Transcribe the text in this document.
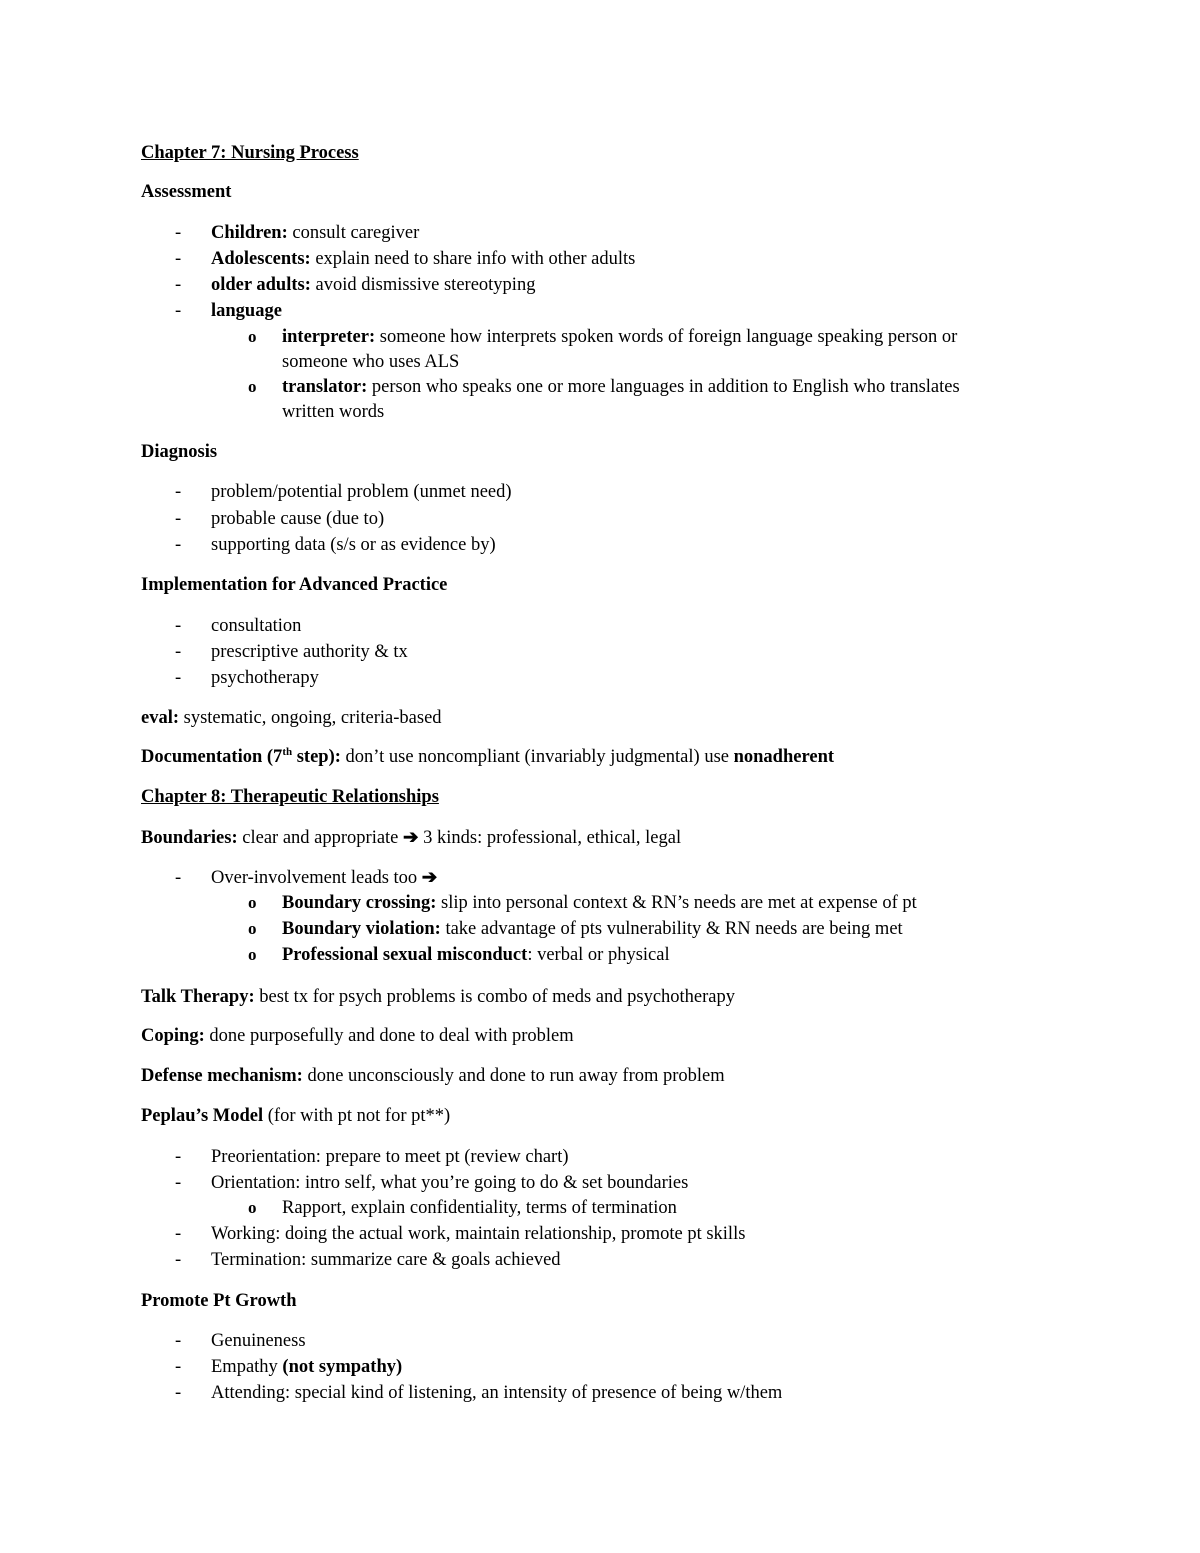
Chapter 7: Nursing Process
Assessment
- Children: consult caregiver
- Adolescents: explain need to share info with other adults
- older adults: avoid dismissive stereotyping
- language
o interpreter: someone how interprets spoken words of foreign language speaking person or
someone who uses ALS
o translator: person who speaks one or more languages in addition to English who translates
written words
Diagnosis
- problem/potential problem (unmet need)
- probable cause (due to)
- supporting data (s/s or as evidence by)
Implementation for Advanced Practice
- consultation
- prescriptive authority & tx
- psychotherapy
eval: systematic, ongoing, criteria-based
Documentation (7th step): don’t use noncompliant (invariably judgmental) use nonadherent
Chapter 8: Therapeutic Relationships
Boundaries: clear and appropriate ➔ 3 kinds: professional, ethical, legal
- Over-involvement leads too ➔
o Boundary crossing: slip into personal context & RN’s needs are met at expense of pt
o Boundary violation: take advantage of pts vulnerability & RN needs are being met
o Professional sexual misconduct: verbal or physical
Talk Therapy: best tx for psych problems is combo of meds and psychotherapy
Coping: done purposefully and done to deal with problem
Defense mechanism: done unconsciously and done to run away from problem
Peplau’s Model (for with pt not for pt**)
- Preorientation: prepare to meet pt (review chart)
- Orientation: intro self, what you’re going to do & set boundaries
o Rapport, explain confidentiality, terms of termination
- Working: doing the actual work, maintain relationship, promote pt skills
- Termination: summarize care & goals achieved
Promote Pt Growth
- Genuineness
- Empathy (not sympathy)
- Attending: special kind of listening, an intensity of presence of being w/them
